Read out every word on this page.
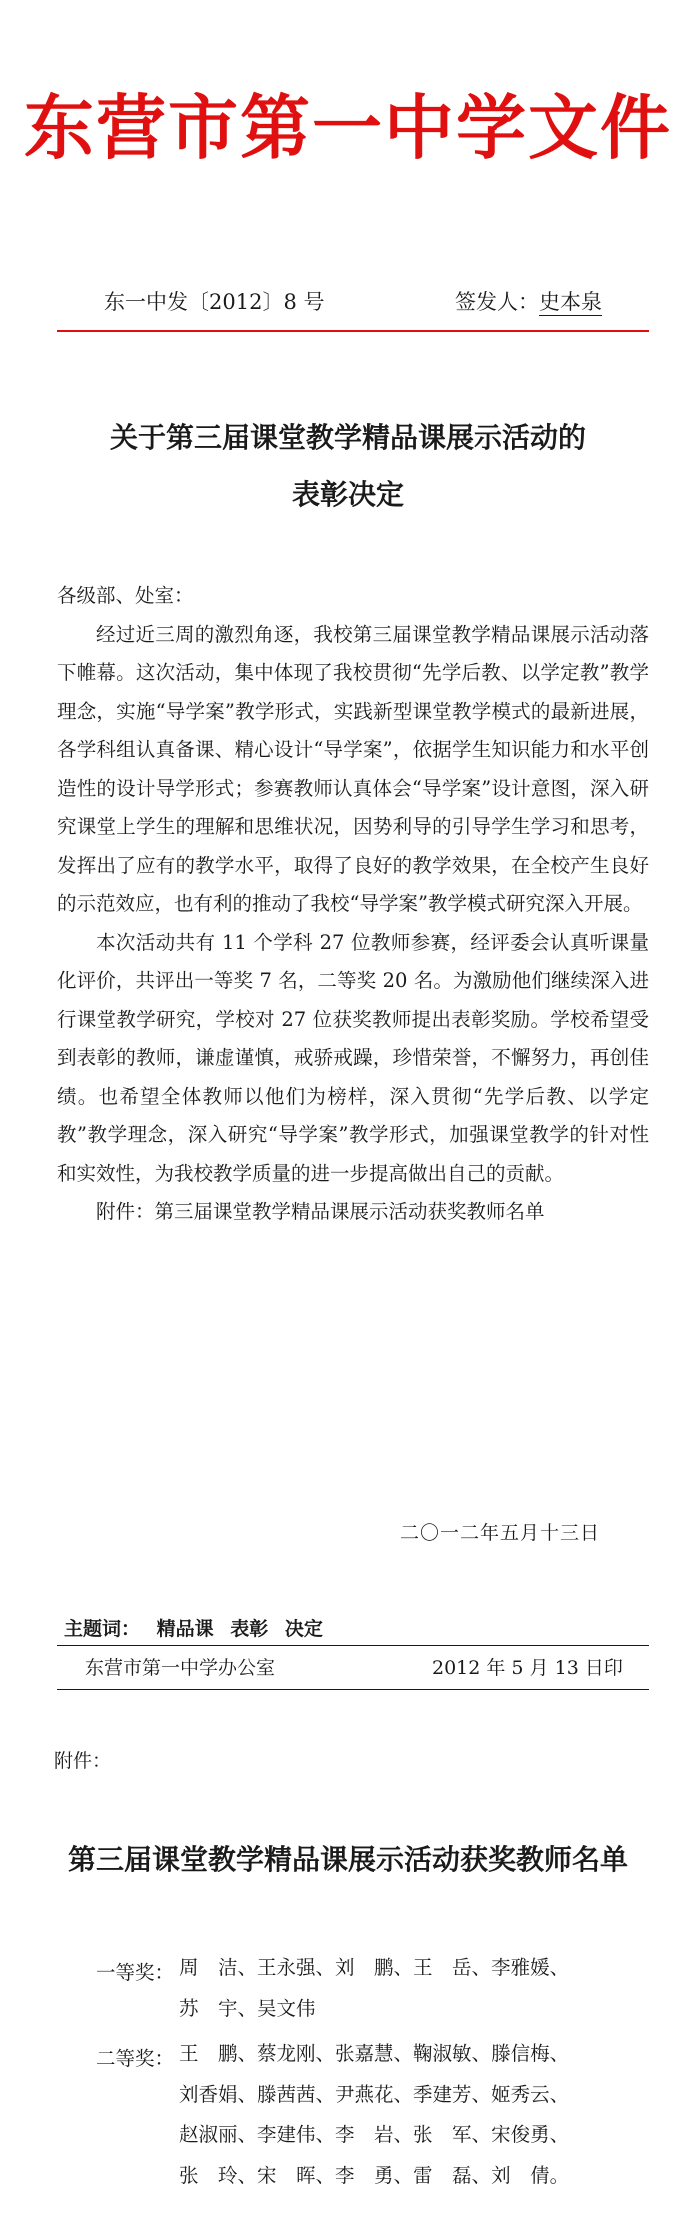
东营市第一中学文件
东一中发〔2012〕8 号	签发人：史本泉
关于第三届课堂教学精品课展示活动的
表彰决定

各级部、处室：

经过近三周的激烈角逐，我校第三届课堂教学精品课展示活动落下帷幕。这次活动，集中体现了我校贯彻“先学后教、以学定教”教学理念，实施“导学案”教学形式，实践新型课堂教学模式的最新进展，各学科组认真备课、精心设计“导学案”，依据学生知识能力和水平创造性的设计导学形式；参赛教师认真体会“导学案”设计意图，深入研究课堂上学生的理解和思维状况，因势利导的引导学生学习和思考，发挥出了应有的教学水平，取得了良好的教学效果，在全校产生良好的示范效应，也有利的推动了我校“导学案”教学模式研究深入开展。

本次活动共有 11 个学科 27 位教师参赛，经评委会认真听课量化评价，共评出一等奖 7 名，二等奖 20 名。为激励他们继续深入进行课堂教学研究，学校对 27 位获奖教师提出表彰奖励。学校希望受到表彰的教师，谦虚谨慎，戒骄戒躁，珍惜荣誉，不懈努力，再创佳绩。也希望全体教师以他们为榜样，深入贯彻“先学后教、以学定教”教学理念，深入研究“导学案”教学形式，加强课堂教学的针对性和实效性，为我校教学质量的进一步提高做出自己的贡献。

附件：第三届课堂教学精品课展示活动获奖教师名单

二〇一二年五月十三日
主题词： 精品课 表彰 决定
东营市第一中学办公室	2012 年 5 月 13 日印
附件：
第三届课堂教学精品课展示活动获奖教师名单
一等奖： 周　洁、王永强、刘　鹏、王　岳、李雅媛、
苏　宇、吴文伟
二等奖： 王　鹏、蔡龙刚、张嘉慧、鞠淑敏、滕信梅、
刘香娟、滕茜茜、尹燕花、季建芳、姬秀云、
赵淑丽、李建伟、李　岩、张　军、宋俊勇、
张　玲、宋　晖、李　勇、雷　磊、刘　倩。
